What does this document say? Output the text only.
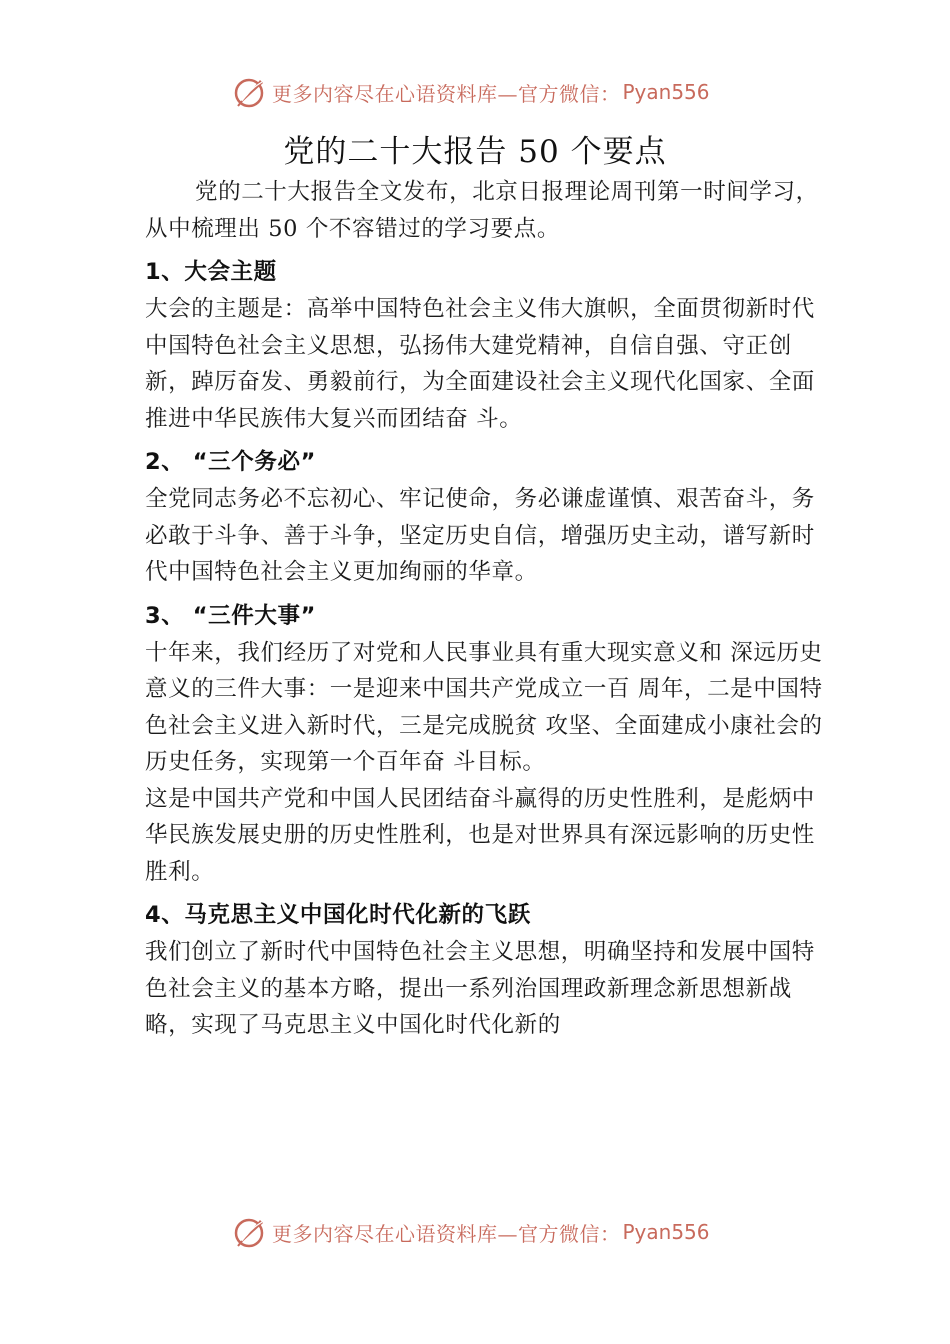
更多内容尽在心语资料库—官方微信： Pyan556
党的二十大报告 50 个要点

党的二十大报告全文发布，北京日报理论周刊第一时间学习，从中梳理出 50 个不容错过的学习要点。

1、大会主题

大会的主题是：高举中国特色社会主义伟大旗帜，全面贯彻新时代中国特色社会主义思想，弘扬伟大建党精神，自信自强、守正创新，踔厉奋发、勇毅前行，为全面建设社会主义现代化国家、全面推进中华民族伟大复兴而团结奋 斗。

2、 “三个务必”

全党同志务必不忘初心、牢记使命，务必谦虚谨慎、艰苦奋斗，务必敢于斗争、善于斗争，坚定历史自信，增强历史主动，谱写新时代中国特色社会主义更加绚丽的华章。

3、 “三件大事”

十年来，我们经历了对党和人民事业具有重大现实意义和 深远历史意义的三件大事：一是迎来中国共产党成立一百 周年，二是中国特色社会主义进入新时代，三是完成脱贫 攻坚、全面建成小康社会的历史任务，实现第一个百年奋 斗目标。

这是中国共产党和中国人民团结奋斗赢得的历史性胜利，是彪炳中华民族发展史册的历史性胜利，也是对世界具有深远影响的历史性胜利。

4、马克思主义中国化时代化新的飞跃

我们创立了新时代中国特色社会主义思想，明确坚持和发展中国特色社会主义的基本方略，提出一系列治国理政新理念新思想新战略，实现了马克思主义中国化时代化新的

更多内容尽在心语资料库—官方微信： Pyan556
